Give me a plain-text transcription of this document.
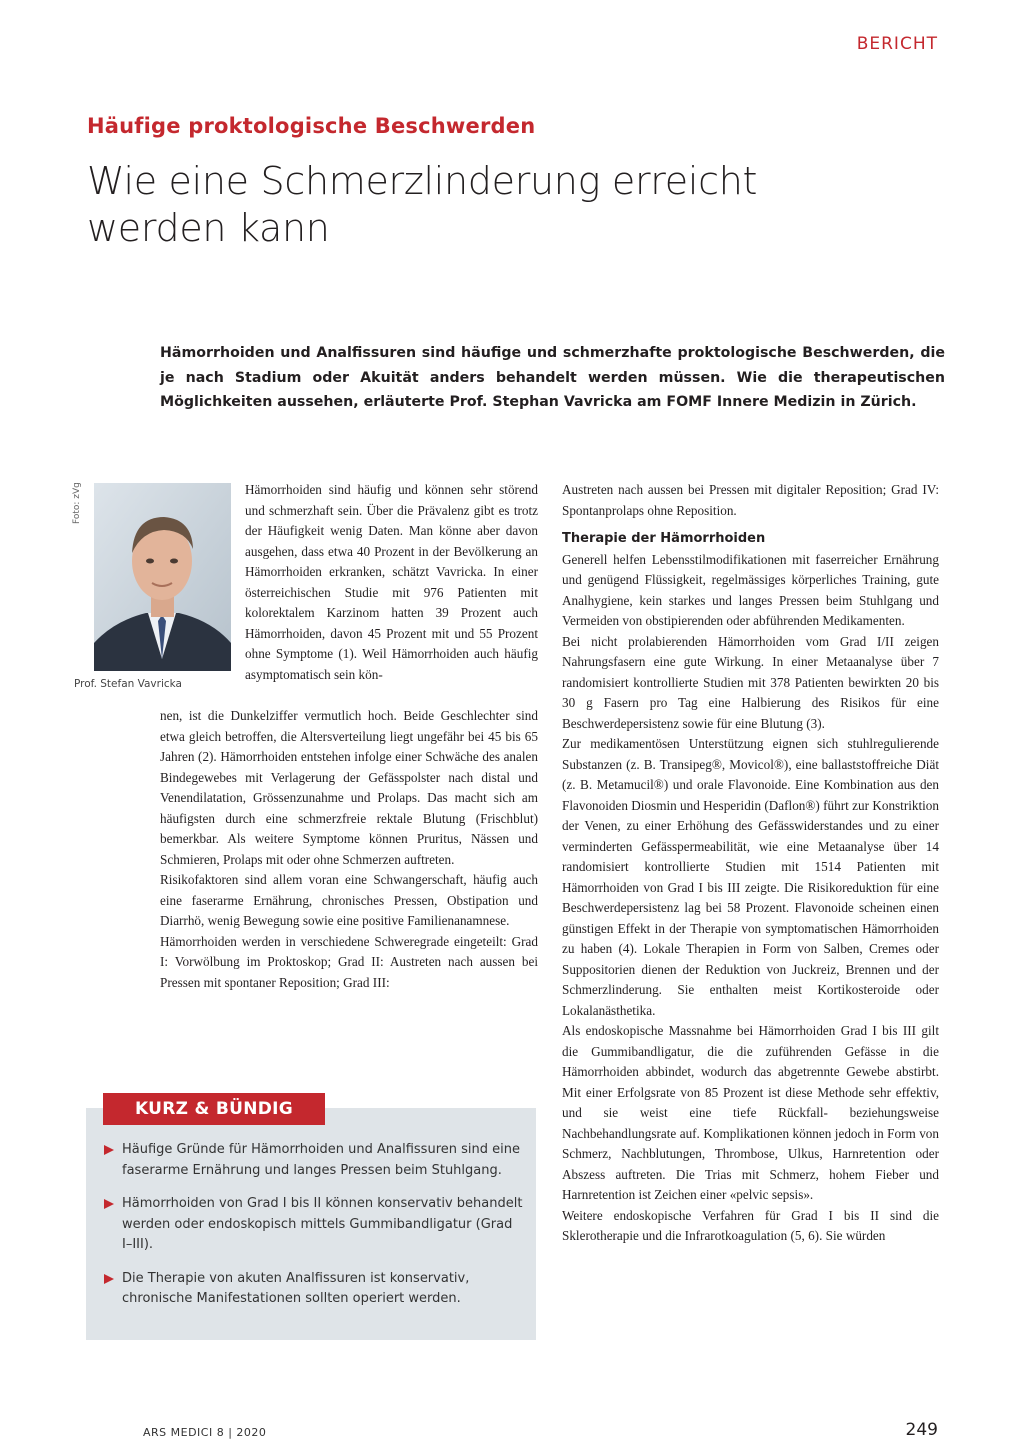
BERICHT
Häufige proktologische Beschwerden
Wie eine Schmerzlinderung erreicht
werden kann
Hämorrhoiden und Analfissuren sind häufige und schmerzhafte proktologische Beschwerden, die je nach Stadium oder Akuität anders behandelt werden müssen. Wie die therapeutischen Möglichkeiten aussehen, erläuterte Prof. Stephan Vavricka am FOMF Innere Medizin in Zürich.
Foto: zVg
Prof. Stefan Vavricka

Hämorrhoiden sind häufig und können sehr störend und schmerzhaft sein. Über die Prävalenz gibt es trotz der Häufigkeit wenig Daten. Man könne aber davon ausgehen, dass etwa 40 Prozent in der Bevölkerung an Hämorrhoiden erkranken, schätzt Vavricka. In einer österreichischen Studie mit 976 Patienten mit kolorektalem Karzinom hatten 39 Prozent auch Hämorrhoiden, davon 45 Prozent mit und 55 Prozent ohne Symptome (1). Weil Hämorrhoiden auch häufig asymptomatisch sein kön-

nen, ist die Dunkelziffer vermutlich hoch. Beide Geschlechter sind etwa gleich betroffen, die Altersverteilung liegt ungefähr bei 45 bis 65 Jahren (2). Hämorrhoiden entstehen infolge einer Schwäche des analen Bindegewebes mit Verlagerung der Gefässpolster nach distal und Venendilatation, Grössenzunahme und Prolaps. Das macht sich am häufigsten durch eine schmerzfreie rektale Blutung (Frischblut) bemerkbar. Als weitere Symptome können Pruritus, Nässen und Schmieren, Prolaps mit oder ohne Schmerzen auftreten.

Risikofaktoren sind allem voran eine Schwangerschaft, häufig auch eine faserarme Ernährung, chronisches Pressen, Obstipation und Diarrhö, wenig Bewegung sowie eine positive Familienanamnese.

Hämorrhoiden werden in verschiedene Schweregrade eingeteilt: Grad I: Vorwölbung im Proktoskop; Grad II: Austreten nach aussen bei Pressen mit spontaner Reposition; Grad III:

Austreten nach aussen bei Pressen mit digitaler Reposition; Grad IV: Spontanprolaps ohne Reposition.

Therapie der Hämorrhoiden

Generell helfen Lebensstilmodifikationen mit faserreicher Ernährung und genügend Flüssigkeit, regelmässiges körperliches Training, gute Analhygiene, kein starkes und langes Pressen beim Stuhlgang und Vermeiden von obstipierenden oder abführenden Medikamenten.

Bei nicht prolabierenden Hämorrhoiden vom Grad I/II zeigen Nahrungsfasern eine gute Wirkung. In einer Metaanalyse über 7 randomisiert kontrollierte Studien mit 378 Patienten bewirkten 20 bis 30 g Fasern pro Tag eine Halbierung des Risikos für eine Beschwerdepersistenz sowie für eine Blutung (3).

Zur medikamentösen Unterstützung eignen sich stuhlregulierende Substanzen (z. B. Transipeg®, Movicol®), eine ballaststoffreiche Diät (z. B. Metamucil®) und orale Flavonoide. Eine Kombination aus den Flavonoiden Diosmin und Hesperidin (Daflon®) führt zur Konstriktion der Venen, zu einer Erhöhung des Gefässwiderstandes und zu einer verminderten Gefässpermeabilität, wie eine Metaanalyse über 14 randomisiert kontrollierte Studien mit 1514 Patienten mit Hämorrhoiden von Grad I bis III zeigte. Die Risikoreduktion für eine Beschwerdepersistenz lag bei 58 Prozent. Flavonoide scheinen einen günstigen Effekt in der Therapie von symptomatischen Hämorrhoiden zu haben (4). Lokale Therapien in Form von Salben, Cremes oder Suppositorien dienen der Reduktion von Juckreiz, Brennen und der Schmerzlinderung. Sie enthalten meist Kortikosteroide oder Lokalanästhetika.

Als endoskopische Massnahme bei Hämorrhoiden Grad I bis III gilt die Gummibandligatur, die die zuführenden Gefässe in die Hämorrhoiden abbindet, wodurch das abgetrennte Gewebe abstirbt. Mit einer Erfolgsrate von 85 Prozent ist diese Methode sehr effektiv, und sie weist eine tiefe Rückfall- beziehungsweise Nachbehandlungsrate auf. Komplikationen können jedoch in Form von Schmerz, Nachblutungen, Thrombose, Ulkus, Harnretention oder Abszess auftreten. Die Trias mit Schmerz, hohem Fieber und Harnretention ist Zeichen einer «pelvic sepsis».

Weitere endoskopische Verfahren für Grad I bis II sind die Sklerotherapie und die Infrarotkoagulation (5, 6). Sie würden

KURZ & BÜNDIG
Häufige Gründe für Hämorrhoiden und Analfissuren sind eine faserarme Ernährung und langes Pressen beim Stuhlgang.
Hämorrhoiden von Grad I bis II können konservativ behandelt werden oder endoskopisch mittels Gummibandligatur (Grad I–III).
Die Therapie von akuten Analfissuren ist konservativ, chronische Manifestationen sollten operiert werden.
ARS MEDICI 8 | 2020	249
